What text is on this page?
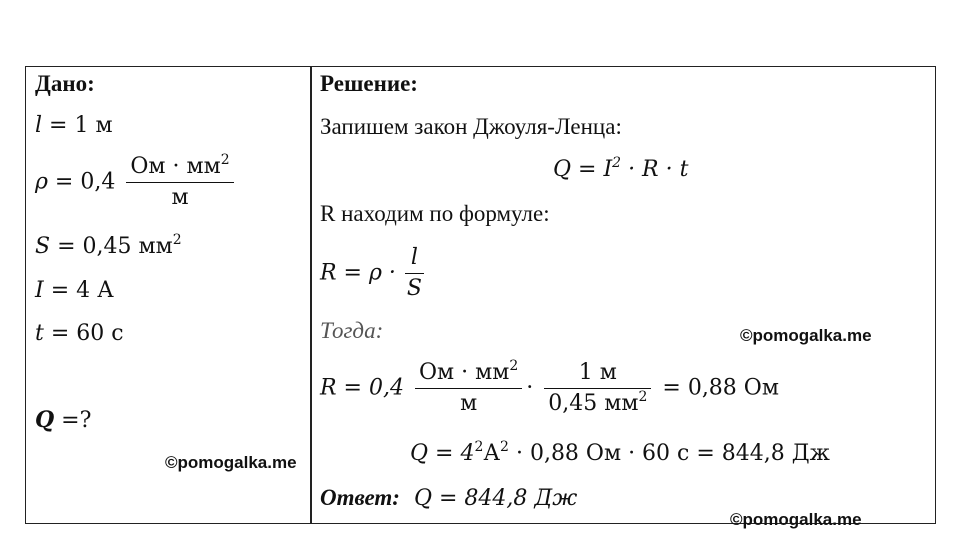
Дано:
l = 1 м
$\rho = 0,4 \frac{Ом \cdot мм^2}{м}$
S = 0,45 $мм^2$
I = 4 А
t = 60 с
Q =?
Решение:
Запишем закон Джоуля-Ленца:
$Q = I^2 \cdot R \cdot t$
R находим по формуле:
$R = \rho \cdot \frac{l}{S}$
Тогда:
$R = 0,4 \frac{Ом \cdot мм^2}{м} \cdot \frac{1 м}{0,45 мм^2} = 0,88$ Ом
$Q = 4^2А^2 \cdot 0,88$ Ом · 60 с = 844,8 Дж
Ответ: Q = 844,8 Дж
©pomogalka.me
©pomogalka.me
©pomogalka.me
